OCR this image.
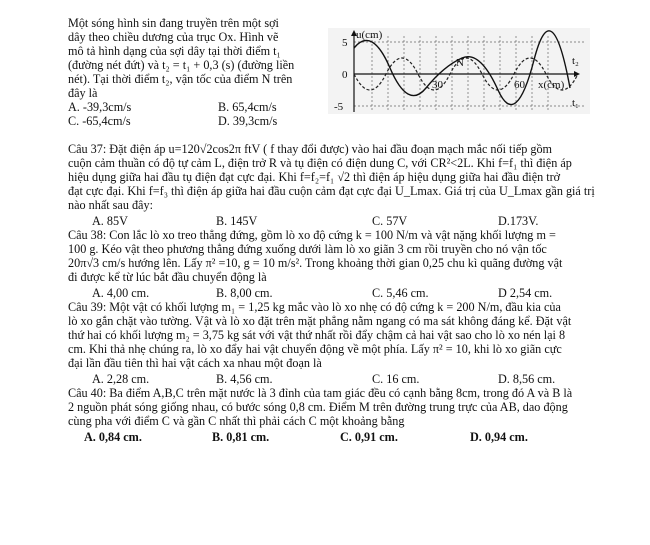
Một sóng hình sin đang truyền trên một sợi
dây theo chiều dương của trục Ox. Hình vẽ
mô tả hình dạng của sợi dây tại thời điểm t₁
(đường nét đứt) và t₂ = t₁ + 0,3 (s) (đường liền
nét). Tại thời điểm t₂, vận tốc của điểm N trên
đây là
A. -39,3cm/s	B. 65,4cm/s
C. -65,4cm/s	D. 39,3cm/s
u(cm)
5
0
-5
30	60 x(cm)
N	t₂
t₁
Câu 37: Đặt điện áp u=120√2cos2π ftV ( f thay đổi được) vào hai đầu đoạn mạch mắc nối tiếp gồm
cuộn cảm thuần có độ tự cảm L, điện trở R và tụ điện có điện dung C, với CR²<2L. Khi f=f₁ thì điện áp
hiệu dụng giữa hai đầu tụ điện đạt cực đại. Khi f=f₂=f₁ √2 thì điện áp hiệu dụng giữa hai đầu điện trở
đạt cực đại. Khi f=f₃ thì điện áp giữa hai đầu cuộn cảm đạt cực đại U_Lmax. Giá trị của U_Lmax gần giá trị
nào nhất sau đây:
A. 85V	B. 145V	C. 57V	D.173V.
Câu 38: Con lắc lò xo treo thẳng đứng, gồm lò xo độ cứng k = 100 N/m và vật nặng khối lượng m =
100 g. Kéo vật theo phương thẳng đứng xuống dưới làm lò xo giãn 3 cm rồi truyền cho nó vận tốc
20π√3 cm/s hướng lên. Lấy π² =10, g = 10 m/s². Trong khoảng thời gian 0,25 chu kì quãng đường vật
đi được kể từ lúc bắt đầu chuyển động là
A. 4,00 cm.	B. 8,00 cm.	C. 5,46 cm.	D 2,54 cm.
Câu 39: Một vật có khối lượng m₁ = 1,25 kg mắc vào lò xo nhẹ có độ cứng k = 200 N/m, đầu kia của
lò xo gắn chặt vào tường. Vật và lò xo đặt trên mặt phẳng nằm ngang có ma sát không đáng kể. Đặt vật
thứ hai có khối lượng m₂ = 3,75 kg sát với vật thứ nhất rồi đẩy chậm cả hai vật sao cho lò xo nén lại 8
cm. Khi thả nhẹ chúng ra, lò xo đẩy hai vật chuyển động về một phía. Lấy π² = 10, khi lò xo giãn cực
đại lần đầu tiên thì hai vật cách xa nhau một đoạn là
A. 2,28 cm.	B. 4,56 cm.	C. 16 cm.	D. 8,56 cm.
Câu 40: Ba điểm A,B,C trên mặt nước là 3 đỉnh của tam giác đều có cạnh bằng 8cm, trong đó A và B là
2 nguồn phát sóng giống nhau, có bước sóng 0,8 cm. Điểm M trên đường trung trực của AB, dao động
cùng pha với điểm C và gần C nhất thì phải cách C một khoảng bằng
A. 0,84 cm.	B. 0,81 cm.	C. 0,91 cm.	D. 0,94 cm.
